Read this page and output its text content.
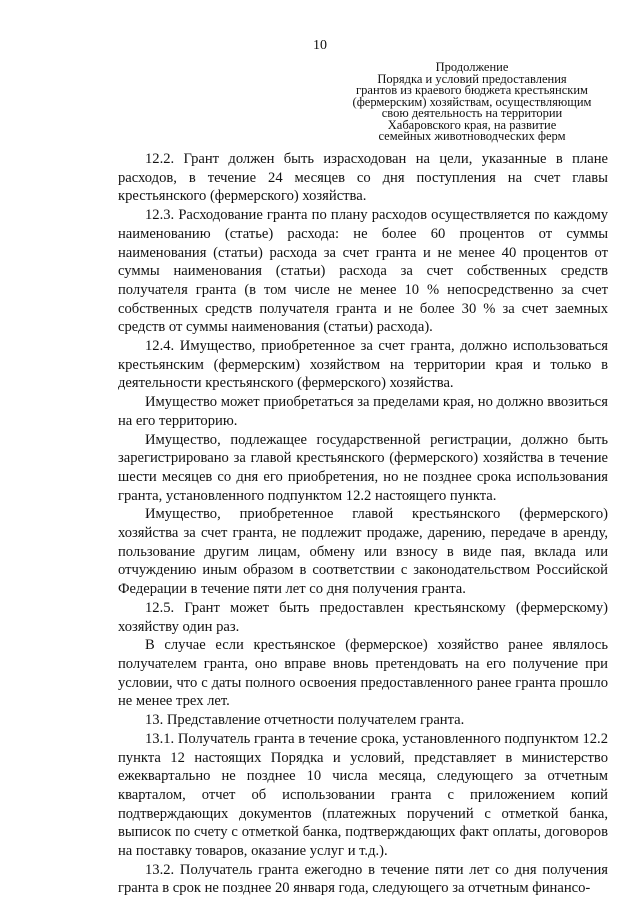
10
Продолжение
Порядка и условий предоставления
грантов из краевого бюджета крестьянским
(фермерским) хозяйствам, осуществляющим
свою деятельность на территории
Хабаровского края, на развитие
семейных животноводческих ферм

12.2. Грант должен быть израсходован на цели, указанные в плане расходов, в течение 24 месяцев со дня поступления на счет главы крестьянского (фермерского) хозяйства.

12.3. Расходование гранта по плану расходов осуществляется по каждому наименованию (статье) расхода: не более 60 процентов от суммы наименования (статьи) расхода за счет гранта и не менее 40 процентов от суммы наименования (статьи) расхода за счет собственных средств получателя гранта (в том числе не менее 10 % непосредственно за счет собственных средств получателя гранта и не более 30 % за счет заемных средств от суммы наименования (статьи) расхода).

12.4. Имущество, приобретенное за счет гранта, должно использоваться крестьянским (фермерским) хозяйством на территории края и только в деятельности крестьянского (фермерского) хозяйства.

Имущество может приобретаться за пределами края, но должно ввозиться на его территорию.

Имущество, подлежащее государственной регистрации, должно быть зарегистрировано за главой крестьянского (фермерского) хозяйства в течение шести месяцев со дня его приобретения, но не позднее срока использования гранта, установленного подпунктом 12.2 настоящего пункта.

Имущество, приобретенное главой крестьянского (фермерского) хозяйства за счет гранта, не подлежит продаже, дарению, передаче в аренду, пользование другим лицам, обмену или взносу в виде пая, вклада или отчуждению иным образом в соответствии с законодательством Российской Федерации в течение пяти лет со дня получения гранта.

12.5. Грант может быть предоставлен крестьянскому (фермерскому) хозяйству один раз.

В случае если крестьянское (фермерское) хозяйство ранее являлось получателем гранта, оно вправе вновь претендовать на его получение при условии, что с даты полного освоения предоставленного ранее гранта прошло не менее трех лет.

13. Представление отчетности получателем гранта.

13.1. Получатель гранта в течение срока, установленного подпунктом 12.2 пункта 12 настоящих Порядка и условий, представляет в министерство ежеквартально не позднее 10 числа месяца, следующего за отчетным кварталом, отчет об использовании гранта с приложением копий подтверждающих документов (платежных поручений с отметкой банка, выписок по счету с отметкой банка, подтверждающих факт оплаты, договоров на поставку товаров, оказание услуг и т.д.).

13.2. Получатель гранта ежегодно в течение пяти лет со дня получения гранта в срок не позднее 20 января года, следующего за отчетным финансо-
